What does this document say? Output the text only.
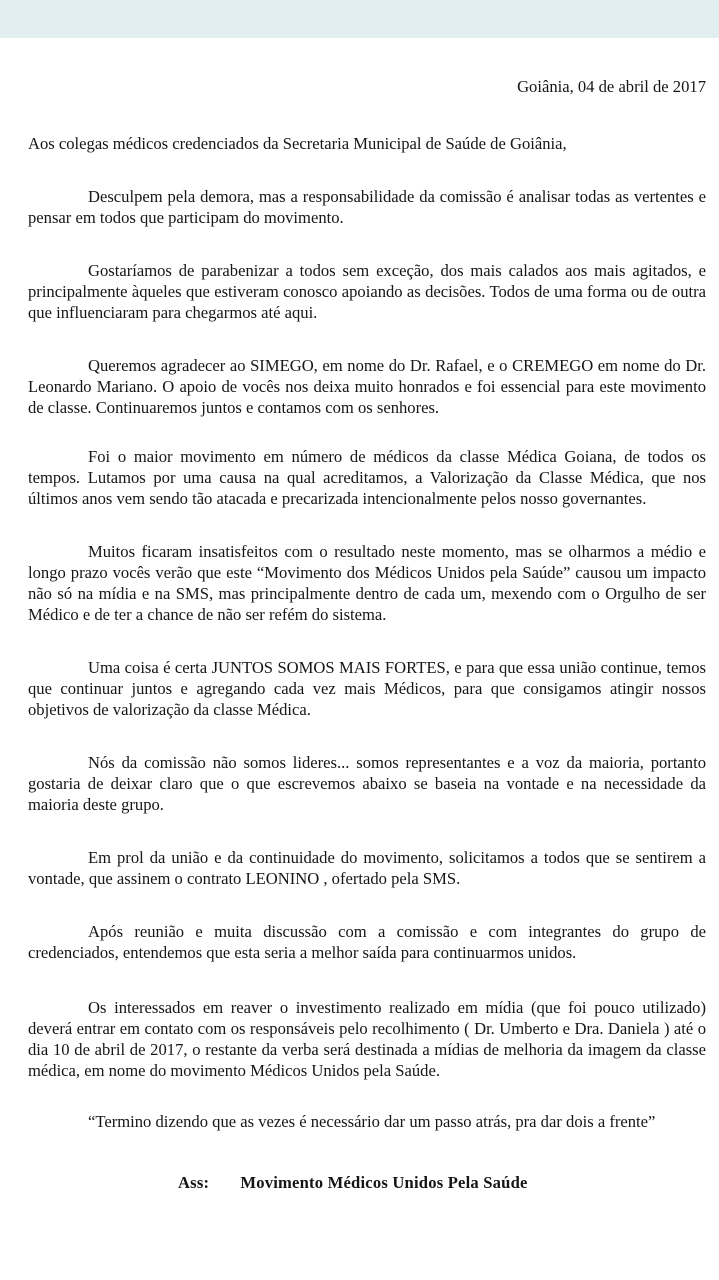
Goiânia, 04 de abril de 2017

Aos colegas médicos credenciados da Secretaria Municipal de Saúde de Goiânia,

Desculpem pela demora, mas a responsabilidade da comissão é analisar todas as vertentes e pensar em todos que participam do movimento.

Gostaríamos de parabenizar a todos sem exceção, dos mais calados aos mais agitados, e principalmente àqueles que estiveram conosco apoiando as decisões. Todos de uma forma ou de outra que influenciaram para chegarmos até aqui.

Queremos agradecer ao SIMEGO, em nome do Dr. Rafael, e o CREMEGO em nome do Dr. Leonardo Mariano. O apoio de vocês nos deixa muito honrados e foi essencial para este movimento de classe. Continuaremos juntos e contamos com os senhores.

Foi o maior movimento em número de médicos da classe Médica Goiana, de todos os tempos. Lutamos por uma causa na qual acreditamos, a Valorização da Classe Médica, que nos últimos anos vem sendo tão atacada e precarizada intencionalmente pelos nosso governantes.

Muitos ficaram insatisfeitos com o resultado neste momento, mas se olharmos a médio e longo prazo vocês verão que este “Movimento dos Médicos Unidos pela Saúde” causou um impacto não só na mídia e na SMS, mas principalmente dentro de cada um, mexendo com o Orgulho de ser Médico e de ter a chance de não ser refém do sistema.

Uma coisa é certa JUNTOS SOMOS MAIS FORTES, e para que essa união continue, temos que continuar juntos e agregando cada vez mais Médicos, para que consigamos atingir nossos objetivos de valorização da classe Médica.

Nós da comissão não somos lideres... somos representantes e a voz da maioria, portanto gostaria de deixar claro que o que escrevemos abaixo se baseia na vontade e na necessidade da maioria deste grupo.

Em prol da união e da continuidade do movimento, solicitamos a todos que se sentirem a vontade, que assinem o contrato LEONINO , ofertado pela SMS.

Após reunião e muita discussão com a comissão e com integrantes do grupo de credenciados, entendemos que esta seria a melhor saída para continuarmos unidos.

Os interessados em reaver o investimento realizado em mídia (que foi pouco utilizado) deverá entrar em contato com os responsáveis pelo recolhimento ( Dr. Umberto e Dra. Daniela ) até o dia 10 de abril de 2017, o restante da verba será destinada a mídias de melhoria da imagem da classe médica, em nome do movimento Médicos Unidos pela Saúde.

“Termino dizendo que as vezes é necessário dar um passo atrás, pra dar dois a frente”

Ass: Movimento Médicos Unidos Pela Saúde
